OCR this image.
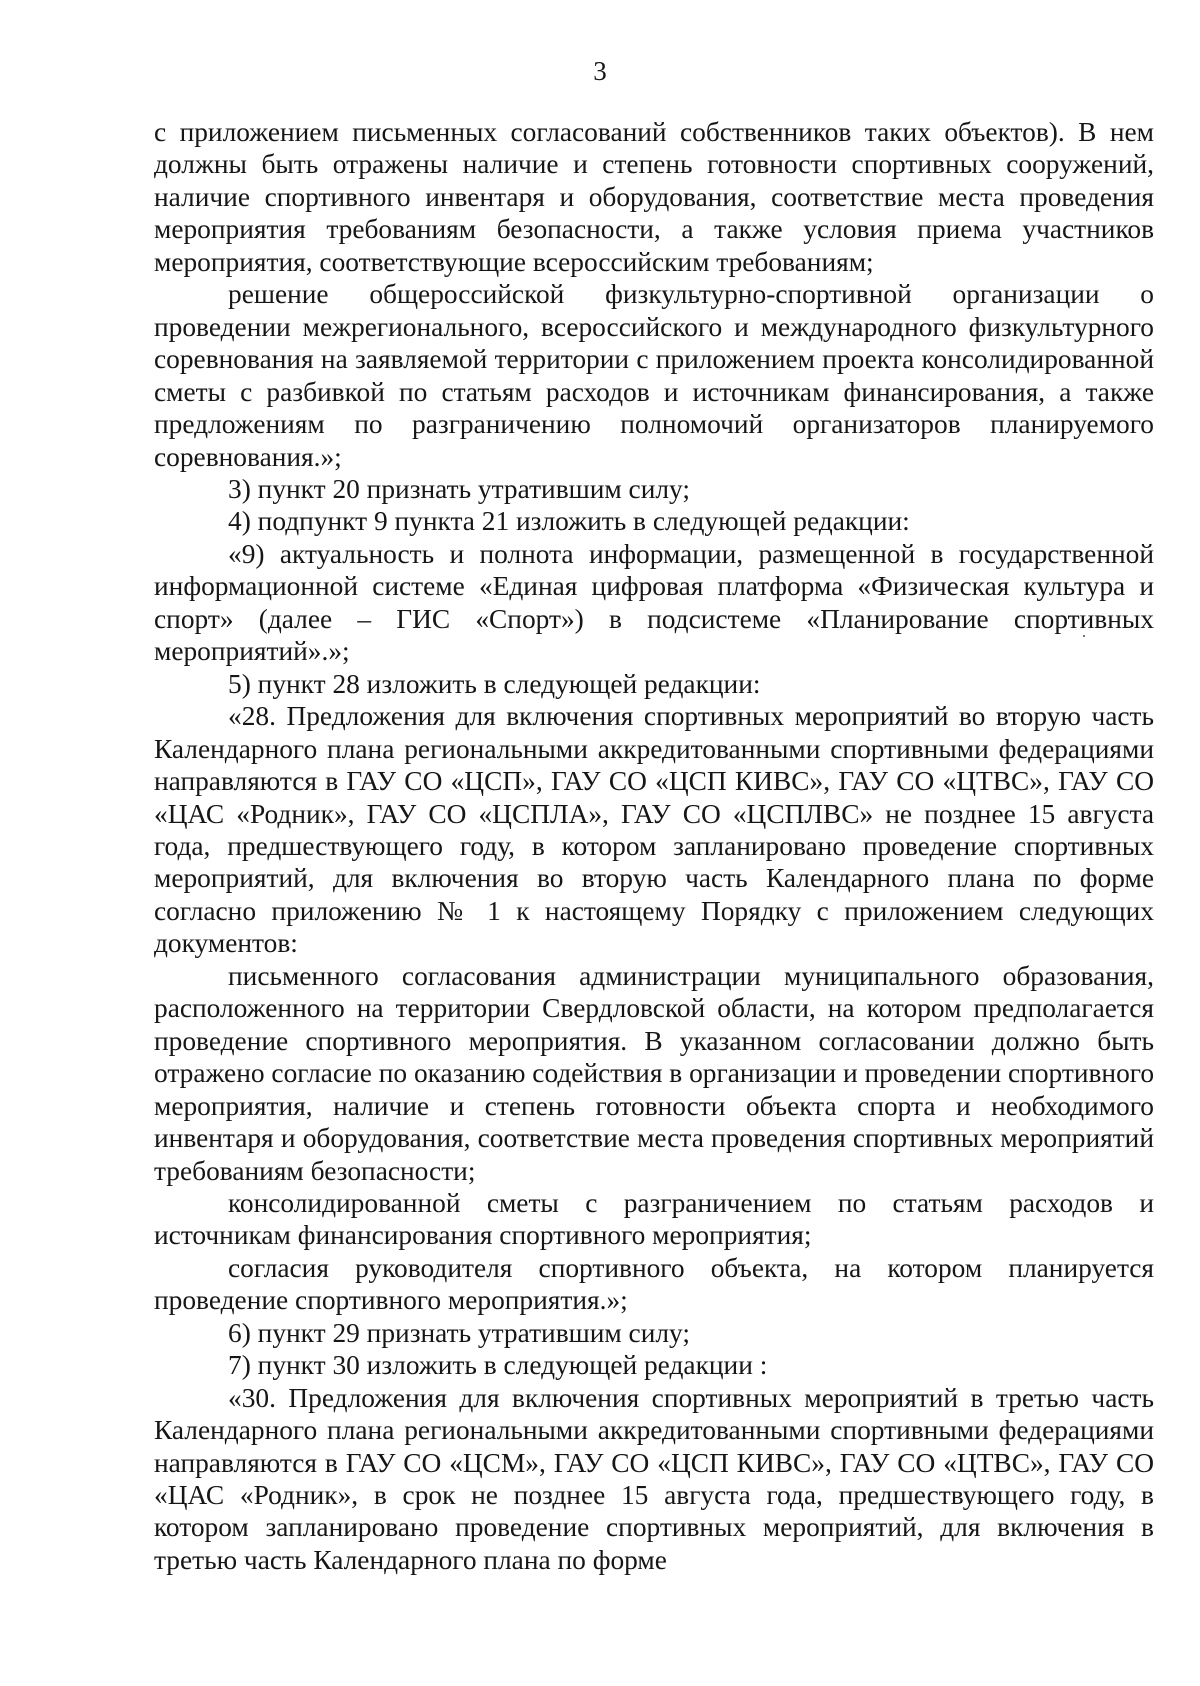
3

с приложением письменных согласований собственников таких объектов). В нем должны быть отражены наличие и степень готовности спортивных сооружений, наличие спортивного инвентаря и оборудования, соответствие места проведения мероприятия требованиям безопасности, а также условия приема участников мероприятия, соответствующие всероссийским требованиям;

решение общероссийской физкультурно-спортивной организации о проведении межрегионального, всероссийского и международного физкультурного соревнования на заявляемой территории с приложением проекта консолидированной сметы с разбивкой по статьям расходов и источникам финансирования, а также предложениям по разграничению полномочий организаторов планируемого соревнования.»;

3) пункт 20 признать утратившим силу;

4) подпункт 9 пункта 21 изложить в следующей редакции:

«9) актуальность и полнота информации, размещенной в государственной информационной системе «Единая цифровая платформа «Физическая культура и спорт» (далее – ГИС «Спорт») в подсистеме «Планирование спортивных мероприятий».»;

5) пункт 28 изложить в следующей редакции:

«28. Предложения для включения спортивных мероприятий во вторую часть Календарного плана региональными аккредитованными спортивными федерациями направляются в ГАУ СО «ЦСП», ГАУ СО «ЦСП КИВС», ГАУ СО «ЦТВС», ГАУ СО «ЦАС «Родник», ГАУ СО «ЦСПЛА», ГАУ СО «ЦСПЛВС» не позднее 15 августа года, предшествующего году, в котором запланировано проведение спортивных мероприятий, для включения во вторую часть Календарного плана по форме согласно приложению № 1 к настоящему Порядку с приложением следующих документов:

письменного согласования администрации муниципального образования, расположенного на территории Свердловской области, на котором предполагается проведение спортивного мероприятия. В указанном согласовании должно быть отражено согласие по оказанию содействия в организации и проведении спортивного мероприятия, наличие и степень готовности объекта спорта и необходимого инвентаря и оборудования, соответствие места проведения спортивных мероприятий требованиям безопасности;

консолидированной сметы с разграничением по статьям расходов и источникам финансирования спортивного мероприятия;

согласия руководителя спортивного объекта, на котором планируется проведение спортивного мероприятия.»;

6) пункт 29 признать утратившим силу;

7) пункт 30 изложить в следующей редакции :

«30. Предложения для включения спортивных мероприятий в третью часть Календарного плана региональными аккредитованными спортивными федерациями направляются в ГАУ СО «ЦСМ», ГАУ СО «ЦСП КИВС», ГАУ СО «ЦТВС», ГАУ СО «ЦАС «Родник», в срок не позднее 15 августа года, предшествующего году, в котором запланировано проведение спортивных мероприятий, для включения в третью часть Календарного плана по форме
